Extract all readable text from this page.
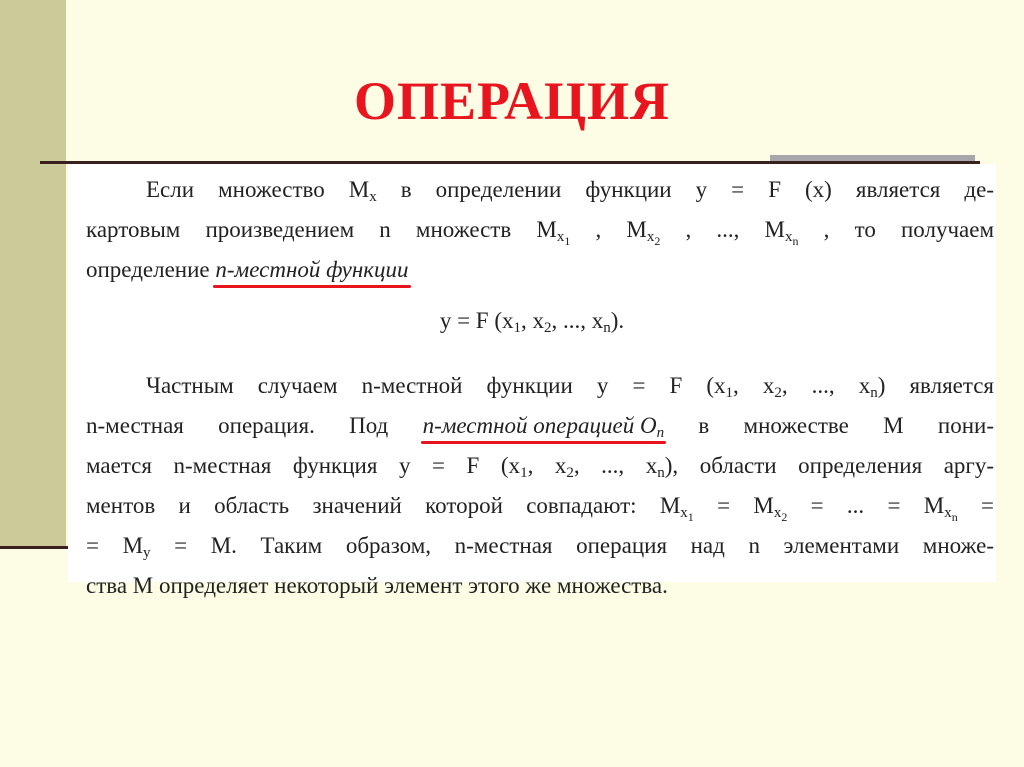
ОПЕРАЦИЯ
Если множество $M_x$ в определении функции y = F (x) является де-
картовым произведением n множеств $M_{x_1}$ , $M_{x_2}$ , ..., $M_{x_n}$ , то получаем
определение n-местной функции
y = F ($x_1$, $x_2$, ..., $x_n$).
Частным случаем n-местной функции y = F ($x_1$, $x_2$, ..., $x_n$) является
n-местная операция. Под n-местной операцией $O_n$ в множестве M пони-
мается n-местная функция y = F ($x_1$, $x_2$, ..., $x_n$), области определения аргу-
ментов и область значений которой совпадают: $M_{x_1} = M_{x_2}$ = ... = $M_{x_n}$ =
= $M_y = M$. Таким образом, n-местная операция над n элементами множе-
ства M определяет некоторый элемент этого же множества.
